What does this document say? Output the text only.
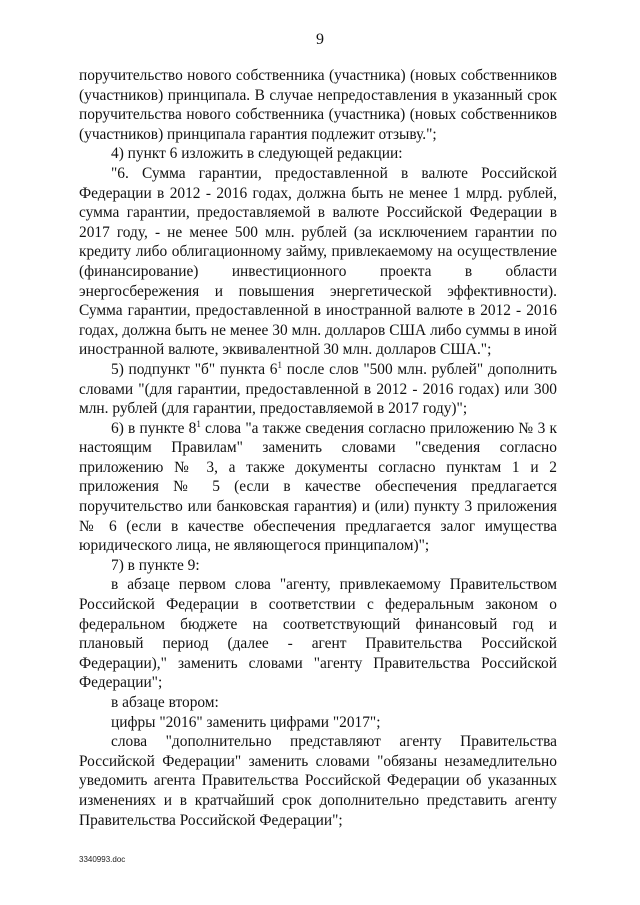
9

поручительство нового собственника (участника) (новых собственников (участников) принципала. В случае непредоставления в указанный срок поручительства нового собственника (участника) (новых собственников (участников) принципала гарантия подлежит отзыву.";

4) пункт 6 изложить в следующей редакции:

"6. Сумма гарантии, предоставленной в валюте Российской Федерации в 2012 - 2016 годах, должна быть не менее 1 млрд. рублей, сумма гарантии, предоставляемой в валюте Российской Федерации в 2017 году, - не менее 500 млн. рублей (за исключением гарантии по кредиту либо облигационному займу, привлекаемому на осуществление (финансирование) инвестиционного проекта в области энергосбережения и повышения энергетической эффективности). Сумма гарантии, предоставленной в иностранной валюте в 2012 - 2016 годах, должна быть не менее 30 млн. долларов США либо суммы в иной иностранной валюте, эквивалентной 30 млн. долларов США.";

5) подпункт "б" пункта $6^1$ после слов "500 млн. рублей" дополнить словами "(для гарантии, предоставленной в 2012 - 2016 годах) или 300 млн. рублей (для гарантии, предоставляемой в 2017 году)";

6) в пункте $8^1$ слова "а также сведения согласно приложению № 3 к настоящим Правилам" заменить словами "сведения согласно приложению № 3, а также документы согласно пунктам 1 и 2 приложения № 5 (если в качестве обеспечения предлагается поручительство или банковская гарантия) и (или) пункту 3 приложения № 6 (если в качестве обеспечения предлагается залог имущества юридического лица, не являющегося принципалом)";

7) в пункте 9:

в абзаце первом слова "агенту, привлекаемому Правительством Российской Федерации в соответствии с федеральным законом о федеральном бюджете на соответствующий финансовый год и плановый период (далее - агент Правительства Российской Федерации)," заменить словами "агенту Правительства Российской Федерации";

в абзаце втором:

цифры "2016" заменить цифрами "2017";

слова "дополнительно представляют агенту Правительства Российской Федерации" заменить словами "обязаны незамедлительно уведомить агента Правительства Российской Федерации об указанных изменениях и в кратчайший срок дополнительно представить агенту Правительства Российской Федерации";

3340993.doc
